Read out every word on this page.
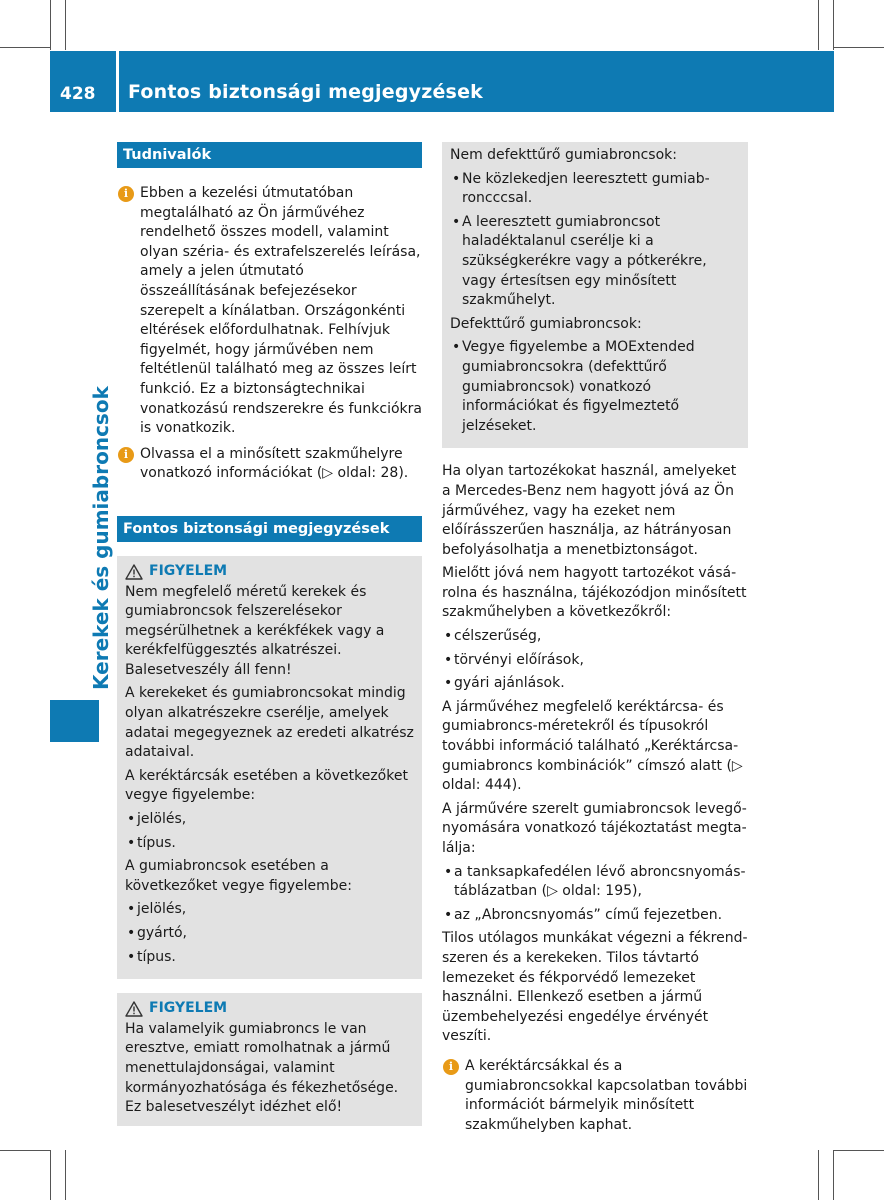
428	Fontos biztonsági megjegyzések
Kerekek és gumiabroncsok
Tudnivalók
i Ebben a kezelési útmutatóban megtalálható az Ön járművéhez rendelhető összes modell, valamint olyan széria- és extrafelszerelés leírása, amely a jelen útmutató összeállításának befejezésekor szerepelt a kínálatban. Országonkénti eltérések előfordulhatnak. Felhívjuk figyelmét, hogy járművében nem feltétlenül található meg az összes leírt funkció. Ez a biztonságtechnikai vonatkozású rendszerekre és funkciókra is vonatkozik.
i Olvassa el a minősített szakműhelyre vonatkozó információkat (▷ oldal: 28).
Fontos biztonsági megjegyzések
FIGYELEM

Nem megfelelő méretű kerekek és gumiabroncsok felszerelésekor megsérülhetnek a kerékfékek vagy a kerékfelfüggesztés alkatrészei. Balesetveszély áll fenn!

A kerekeket és gumiabroncsokat mindig olyan alkatrészekre cserélje, amelyek adatai megegyeznek az eredeti alkatrész adataival.

A keréktárcsák esetében a következőket vegye figyelembe:

• jelölés,
• típus.

A gumiabroncsok esetében a következőket vegye figyelembe:

• jelölés,
• gyártó,
• típus.
FIGYELEM

Ha valamelyik gumiabroncs le van eresztve, emiatt romolhatnak a jármű menettulajdonságai, valamint kormányozhatósága és fékezhetősége. Ez balesetveszélyt idézhet elő!

Nem defekttűrő gumiabroncsok:

• Ne közlekedjen leeresztett gumiabroncccsal.
• A leeresztett gumiabroncsot haladéktalanul cserélje ki a szükségkerékre vagy a pótkerékre, vagy értesítsen egy minősített szakműhelyt.

Defekttűrő gumiabroncsok:

• Vegye figyelembe a MOExtended gumiabroncsokra (defekttűrő gumiabroncsok) vonatkozó információkat és figyelmeztető jelzéseket.

Ha olyan tartozékokat használ, amelyeket a Mercedes-Benz nem hagyott jóvá az Ön járművéhez, vagy ha ezeket nem előírásszerűen használja, az hátrányosan befolyásolhatja a menetbiztonságot.

Mielőtt jóvá nem hagyott tartozékot vásárolna és használna, tájékozódjon minősített szakműhelyben a következőkről:

• célszerűség,
• törvényi előírások,
• gyári ajánlások.

A járművéhez megfelelő keréktárcsa- és gumiabroncs-méretekről és típusokról további információ található „Keréktárcsa-gumiabroncs kombinációk” címszó alatt (▷ oldal: 444).

A járművére szerelt gumiabroncsok levegőnyomására vonatkozó tájékoztatást megtalálja:

• a tanksapkafedélen lévő abroncsnyomástáblázatban (▷ oldal: 195),
• az „Abroncsnyomás” című fejezetben.

Tilos utólagos munkákat végezni a fékrendszeren és a kerekeken. Tilos távtartó lemezeket és fékporvédő lemezeket használni. Ellenkező esetben a jármű üzembehelyezési engedélye érvényét veszíti.

i A keréktárcsákkal és a gumiabroncsokkal kapcsolatban további információt bármelyik minősített szakműhelyben kaphat.
